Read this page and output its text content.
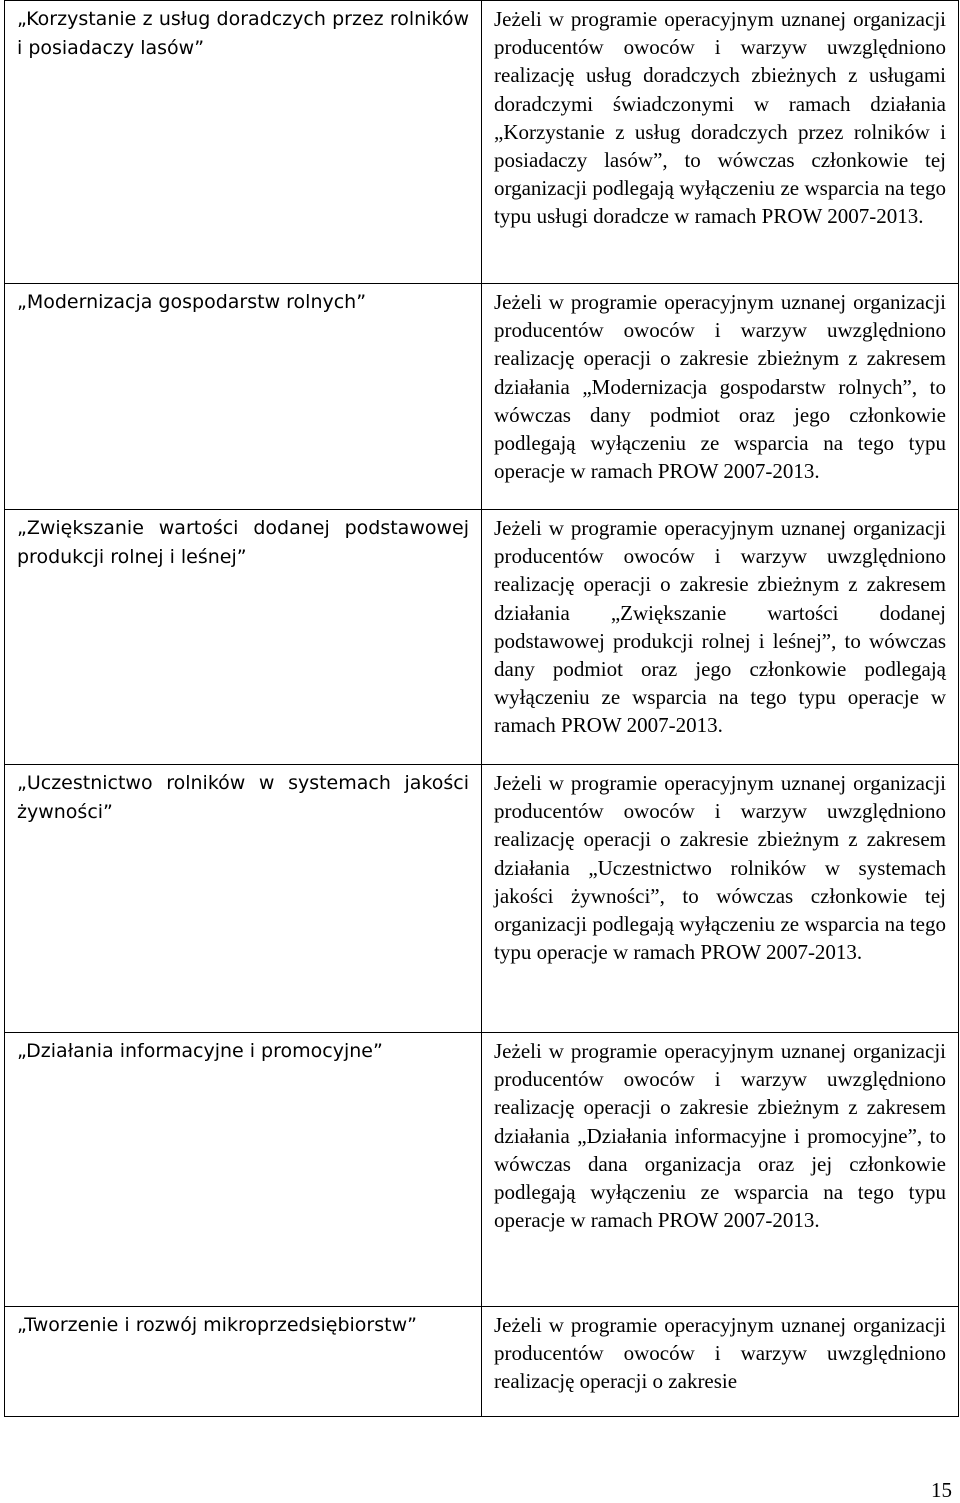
„Korzystanie z usług doradczych przez rolników i posiadaczy lasów”	Jeżeli w programie operacyjnym uznanej organizacji producentów owoców i warzyw uwzględniono realizację usług doradczych zbieżnych z usługami doradczymi świadczonymi w ramach działania „Korzystanie z usług doradczych przez rolników i posiadaczy lasów”, to wówczas członkowie tej organizacji podlegają wyłączeniu ze wsparcia na tego typu usługi doradcze w ramach PROW 2007-2013.
„Modernizacja gospodarstw rolnych”	Jeżeli w programie operacyjnym uznanej organizacji producentów owoców i warzyw uwzględniono realizację operacji o zakresie zbieżnym z zakresem działania „Modernizacja gospodarstw rolnych”, to wówczas dany podmiot oraz jego członkowie podlegają wyłączeniu ze wsparcia na tego typu operacje w ramach PROW 2007-2013.
„Zwiększanie wartości dodanej podstawowej produkcji rolnej i leśnej”	Jeżeli w programie operacyjnym uznanej organizacji producentów owoców i warzyw uwzględniono realizację operacji o zakresie zbieżnym z zakresem działania „Zwiększanie wartości dodanej podstawowej produkcji rolnej i leśnej”, to wówczas dany podmiot oraz jego członkowie podlegają wyłączeniu ze wsparcia na tego typu operacje w ramach PROW 2007-2013.
„Uczestnictwo rolników w systemach jakości żywności”	Jeżeli w programie operacyjnym uznanej organizacji producentów owoców i warzyw uwzględniono realizację operacji o zakresie zbieżnym z zakresem działania „Uczestnictwo rolników w systemach jakości żywności”, to wówczas członkowie tej organizacji podlegają wyłączeniu ze wsparcia na tego typu operacje w ramach PROW 2007-2013.
„Działania informacyjne i promocyjne”	Jeżeli w programie operacyjnym uznanej organizacji producentów owoców i warzyw uwzględniono realizację operacji o zakresie zbieżnym z zakresem działania „Działania informacyjne i promocyjne”, to wówczas dana organizacja oraz jej członkowie podlegają wyłączeniu ze wsparcia na tego typu operacje w ramach PROW 2007-2013.
„Tworzenie i rozwój mikroprzedsiębiorstw”	Jeżeli w programie operacyjnym uznanej organizacji producentów owoców i warzyw uwzględniono realizację operacji o zakresie
15
